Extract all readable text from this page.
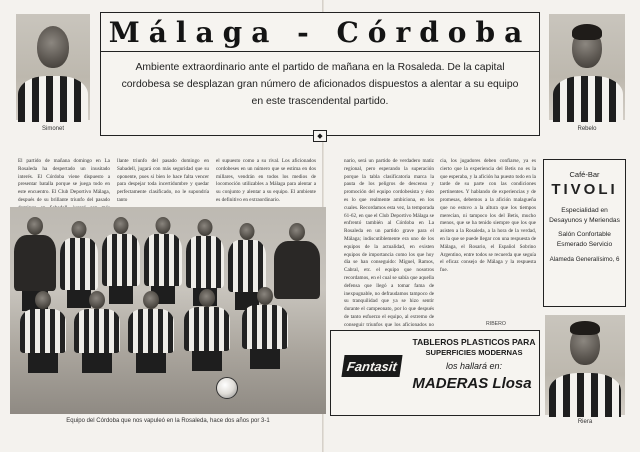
Simonet	Rebelo
Málaga - Córdoba
Ambiente extraordinario ante el partido de mañana en la Rosaleda. De la capital cordobesa se desplazan gran número de aficionados dispuestos a alentar a su equipo en este trascendental partido.
◆
El partido de mañana domingo en La Rosaleda ha despertado un inusitado interés. El Córdoba viene dispuesto a presentar batalla porque se juega todo en este encuentro. El Club Deportivo Málaga, después de su brillante triunfo del pasado
llante triunfo del pasado domingo en Sabadell, jugará con más seguridad que su oponente, pues si bien le hace falta vencer para despejar toda incertidumbre y quedar perfectamente clasificado, no le supondría tanto
el supuesto como a su rival. Los aficionados cordobeses en un número que se estima en dos millares, vendrán en todos los medios de locomoción utilizables a Málaga para alentar a su conjunto y alentar a su equipo. El ambiente es definitivo en extraordinario.
nario, será un partido de verdadero matiz regional, pero esperando la superación porque la tabla clasificatoria marca la pauta de los peligros de descenso y promoción del equipo cordobesista y ésto es lo que realmente ambiciona, en los cuales. Recordamos esta vez, la temporada 61-62, en que el Club Deportivo Málaga se enfrentó también al Córdoba en La Rosaleda en un partido grave para el Málaga; indiscutiblemente era uno de los equipos de la actualidad, en existen equipos de importancia como los que hoy día se han conseguido: Miguel, Ramos, Cabral, etc. el equipo que nosotros recordamos, en el cual se sabía que aquella defensa que llegó a tomar fama de inexpugnable, no defraudamos tampoco de su tranquilidad que ya se hizo sentir durante el campeonato, por lo que después de tanto esfuerzo el equipo, al extremo de conseguir triunfos que los aficionados no
cia, los jugadores deben confiarse, ya es cierto que la experiencia del Betis no es la que esperaba, y la afición ha puesto todo en la tarde de su parte con las condiciones pertinentes. Y hablando de experiencias y de promesas, debemos a la afición malagueña que no estuvo a la altura que los tiempos merecían, ni tampoco los del Betis, mucho menos, que se ha tenido siempre que los que asisten a la Rosaleda, a la hora de la verdad, en la que se puede llegar con una respuesta de Málaga, el Rosario, el Español Sobrino Argentino, entre todos se recuerda que seguía el eficaz consejo de Málaga y la respuesta fue.
RIBERO
Equipo del Córdoba que nos vapuleó en la Rosaleda, hace dos años por 3-1
Café-Bar
TIVOLI
Especialidad en
Desayunos y Meriendas
Salón Confortable
Esmerado Servicio
Alameda Generalísimo, 6
Riera
Fantasit
TABLEROS PLASTICOS PARA
SUPERFICIES MODERNAS
los hallará en:
MADERAS Llosa
